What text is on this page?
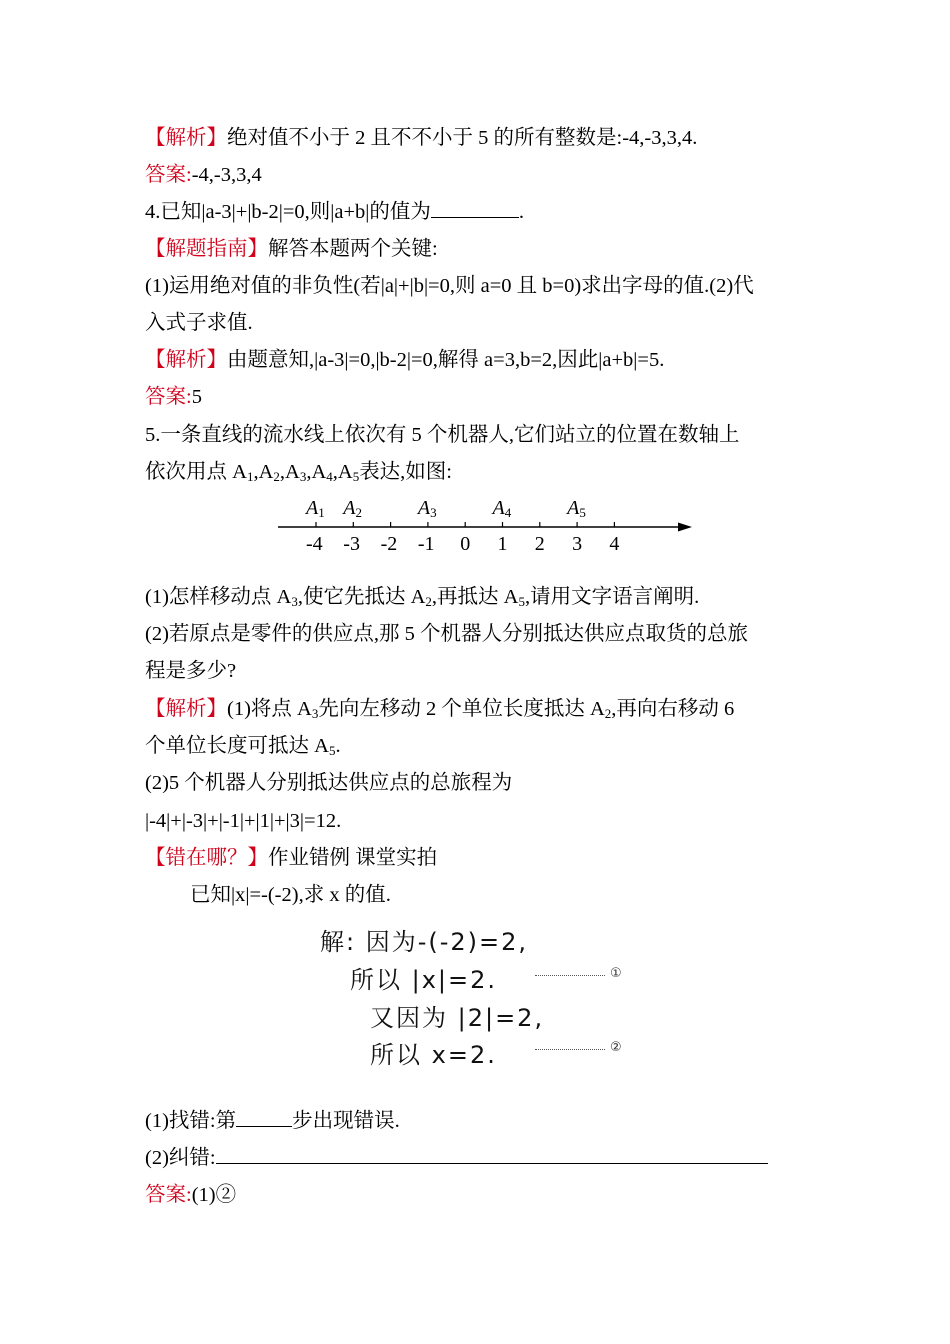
【解析】绝对值不小于 2 且不不小于 5 的所有整数是:-4,-3,3,4.
答案:-4,-3,3,4
4.已知|a-3|+|b-2|=0,则|a+b|的值为	.
【解题指南】解答本题两个关键:
(1)运用绝对值的非负性(若|a|+|b|=0,则 a=0 且 b=0)求出字母的值.(2)代
入式子求值.
【解析】由题意知,|a-3|=0,|b-2|=0,解得 a=3,b=2,因此|a+b|=5.
答案:5
5.一条直线的流水线上依次有 5 个机器人,它们站立的位置在数轴上
依次用点 $A_1,A_2,A_3,A_4,A_5$表达,如图:
-4 -3 -2 -1 0 1 2 3 4
$A_1$ $A_2$	$A_3$	$A_4$	$A_5$
(1)怎样移动点 $A_3$,使它先抵达 $A_2$,再抵达 $A_5$,请用文字语言阐明.
(2)若原点是零件的供应点,那 5 个机器人分别抵达供应点取货的总旅
程是多少?
【解析】(1)将点 $A_3$先向左移动 2 个单位长度抵达 $A_2$,再向右移动 6
个单位长度可抵达 $A_5$.
(2)5 个机器人分别抵达供应点的总旅程为
|-4|+|-3|+|-1|+|1|+|3|=12.
【错在哪？】作业错例 课堂实拍
已知|x|=-(-2),求 x 的值.
解: 因为-(-2)=2,
所以 |x|=2.
又因为 |2|=2,
所以 x=2.
①
②
(1)找错:第	步出现错误.
(2)纠错:
答案:(1)②
